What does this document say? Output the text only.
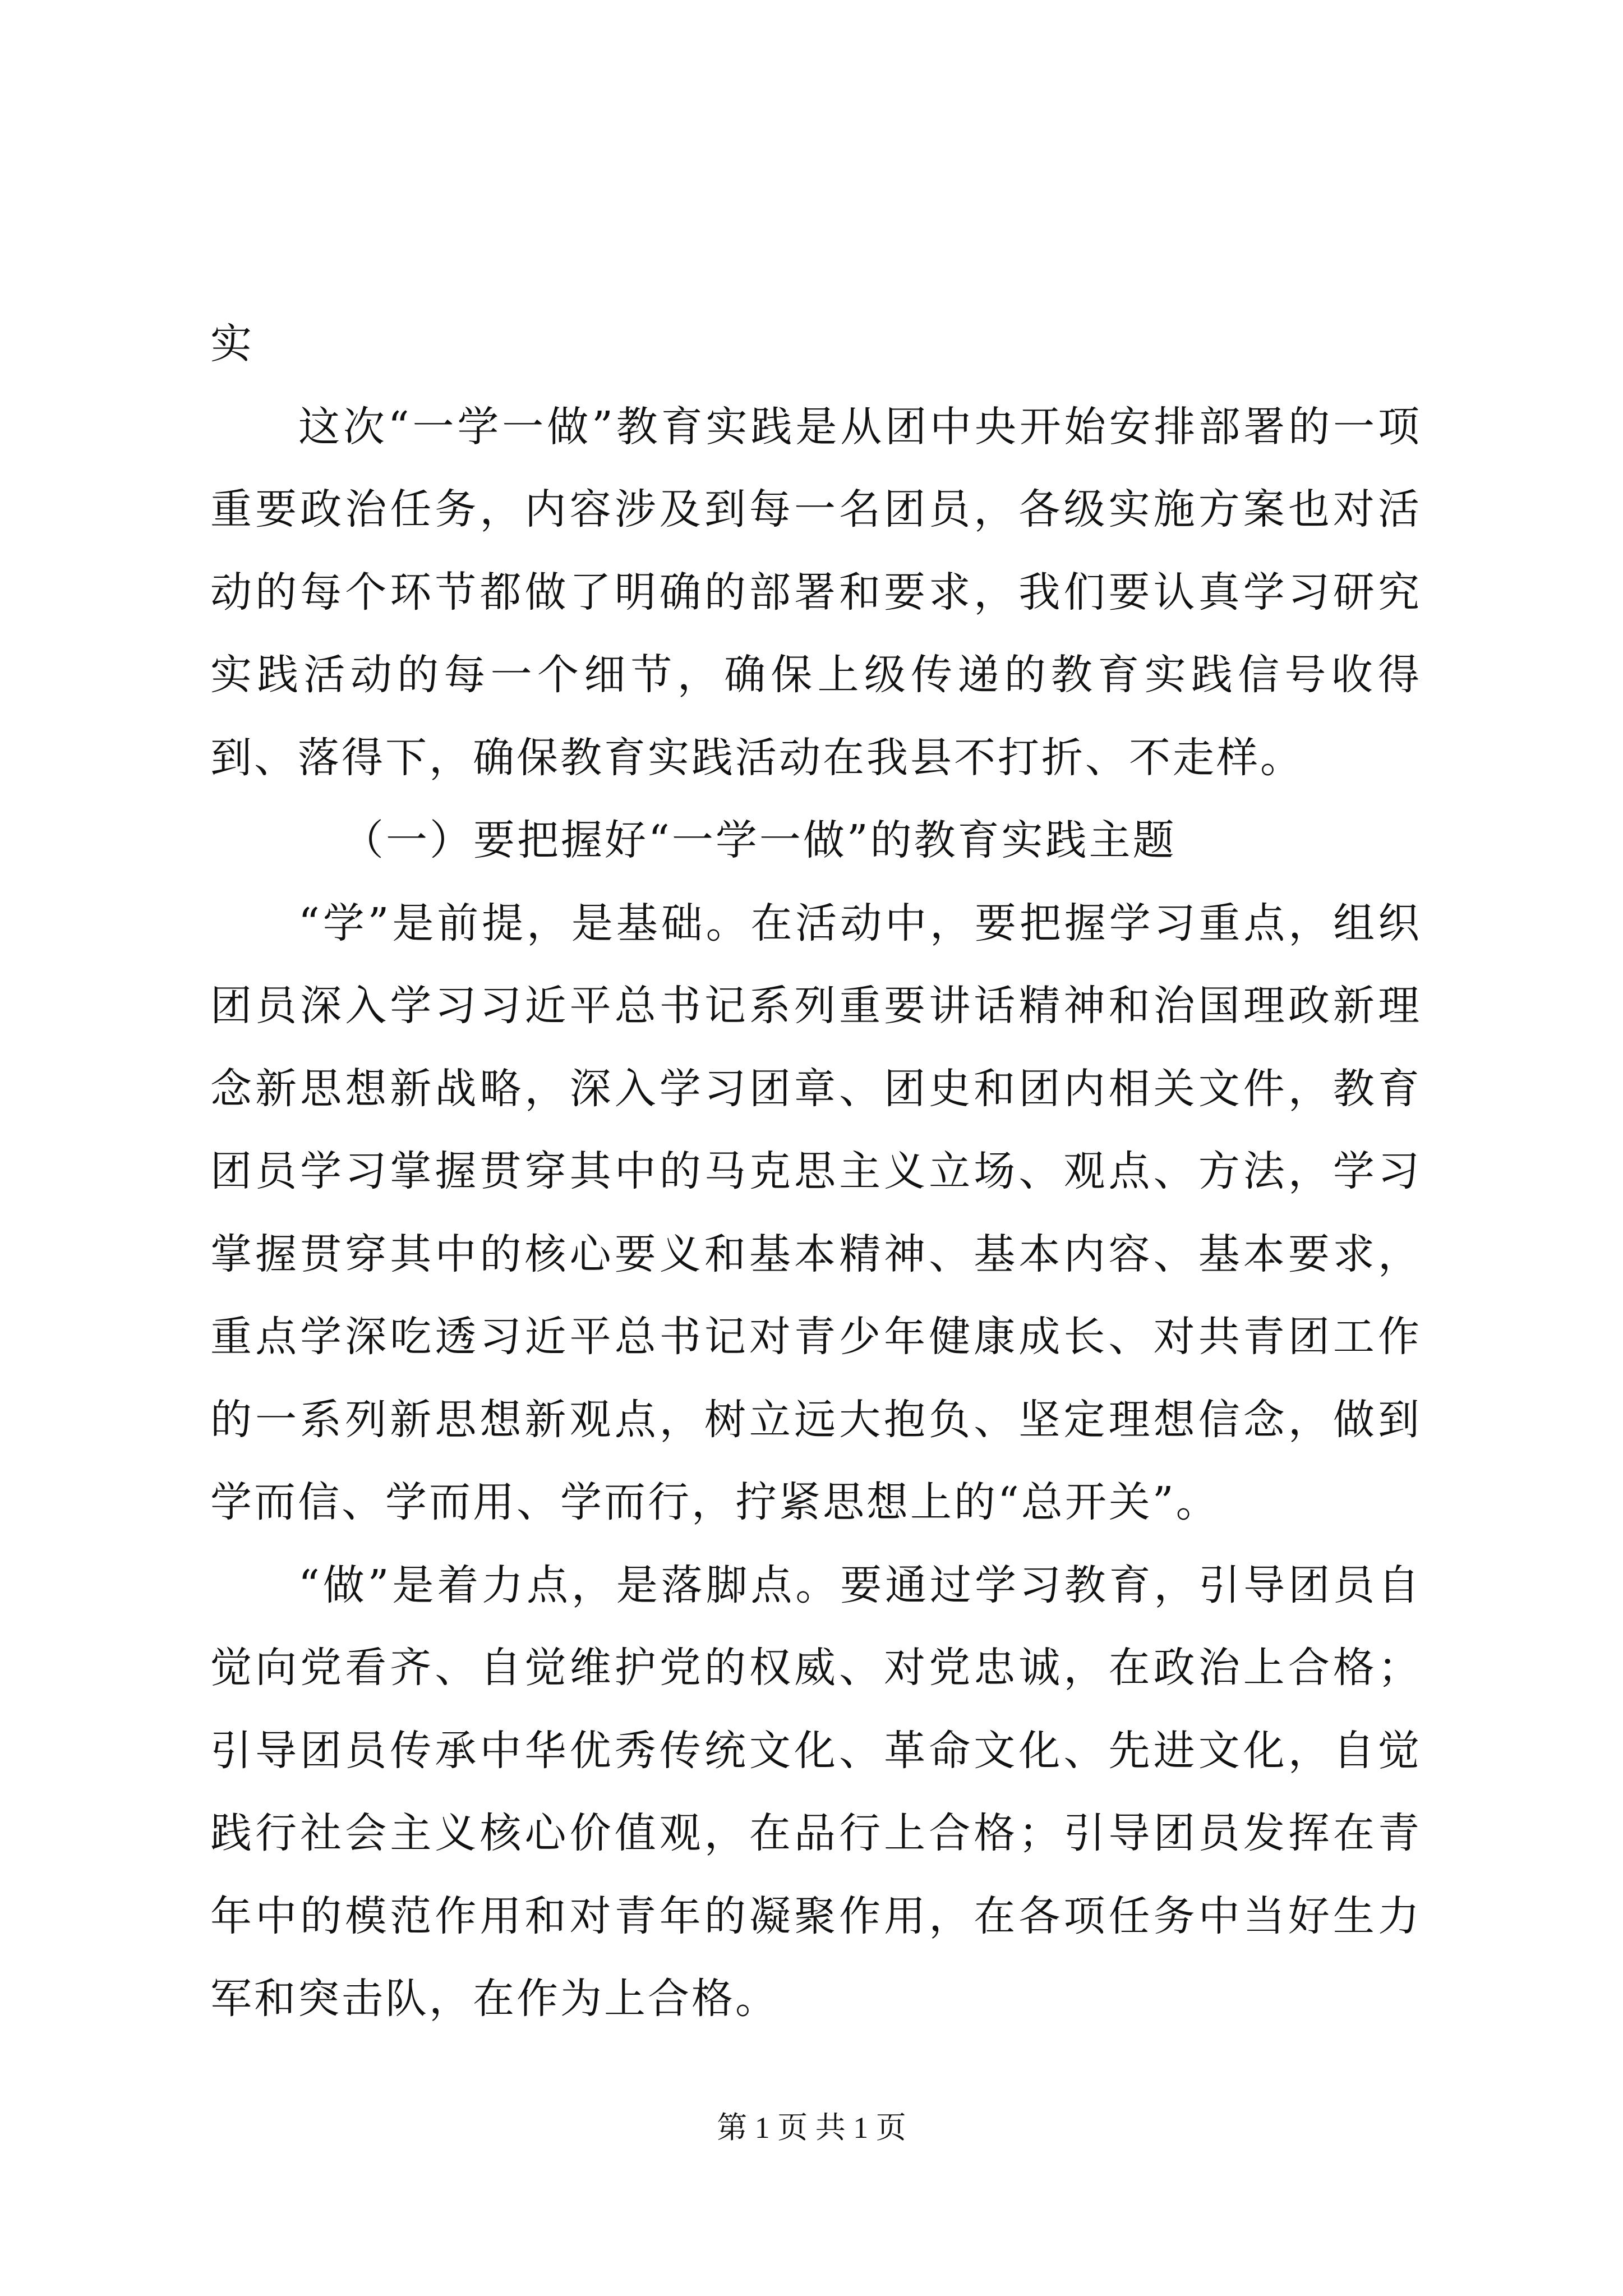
实

这次“一学一做”教育实践是从团中央开始安排部署的一项重要政治任务，内容涉及到每一名团员，各级实施方案也对活动的每个环节都做了明确的部署和要求，我们要认真学习研究实践活动的每一个细节，确保上级传递的教育实践信号收得到、落得下，确保教育实践活动在我县不打折、不走样。

（一）要把握好“一学一做”的教育实践主题

“学”是前提，是基础。在活动中，要把握学习重点，组织团员深入学习习近平总书记系列重要讲话精神和治国理政新理念新思想新战略，深入学习团章、团史和团内相关文件，教育团员学习掌握贯穿其中的马克思主义立场、观点、方法，学习掌握贯穿其中的核心要义和基本精神、基本内容、基本要求，重点学深吃透习近平总书记对青少年健康成长、对共青团工作的一系列新思想新观点，树立远大抱负、坚定理想信念，做到学而信、学而用、学而行，拧紧思想上的“总开关”。

“做”是着力点，是落脚点。要通过学习教育，引导团员自觉向党看齐、自觉维护党的权威、对党忠诚，在政治上合格；引导团员传承中华优秀传统文化、革命文化、先进文化，自觉践行社会主义核心价值观，在品行上合格；引导团员发挥在青年中的模范作用和对青年的凝聚作用，在各项任务中当好生力军和突击队，在作为上合格。

第 1 页 共 1 页
